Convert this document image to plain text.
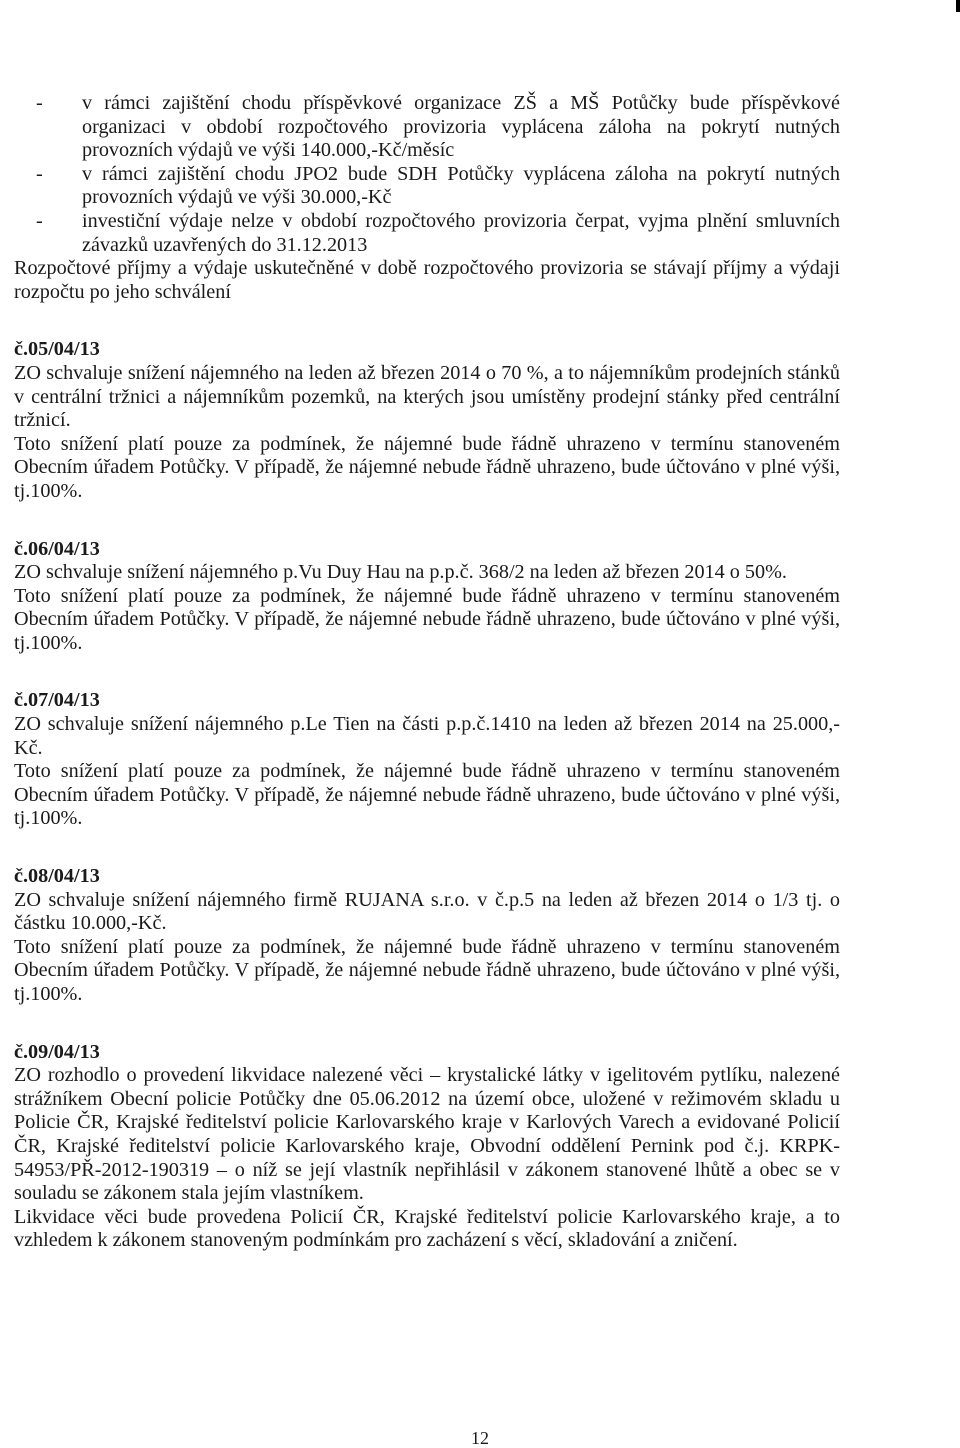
- v rámci zajištění chodu příspěvkové organizace ZŠ a MŠ Potůčky bude příspěvkové organizaci v období rozpočtového provizoria vyplácena záloha na pokrytí nutných provozních výdajů ve výši 140.000,-Kč/měsíc
- v rámci zajištění chodu JPO2 bude SDH Potůčky vyplácena záloha na pokrytí nutných provozních výdajů ve výši 30.000,-Kč
- investiční výdaje nelze v období rozpočtového provizoria čerpat, vyjma plnění smluvních závazků uzavřených do 31.12.2013

Rozpočtové příjmy a výdaje uskutečněné v době rozpočtového provizoria se stávají příjmy a výdaji rozpočtu po jeho schválení

č.05/04/13

ZO schvaluje snížení nájemného na leden až březen 2014 o 70 %, a to nájemníkům prodejních stánků v centrální tržnici a nájemníkům pozemků, na kterých jsou umístěny prodejní stánky před centrální tržnicí.

Toto snížení platí pouze za podmínek, že nájemné bude řádně uhrazeno v termínu stanoveném Obecním úřadem Potůčky. V případě, že nájemné nebude řádně uhrazeno, bude účtováno v plné výši, tj.100%.

č.06/04/13

ZO schvaluje snížení nájemného p.Vu Duy Hau na p.p.č. 368/2 na leden až březen 2014 o 50%.

Toto snížení platí pouze za podmínek, že nájemné bude řádně uhrazeno v termínu stanoveném Obecním úřadem Potůčky. V případě, že nájemné nebude řádně uhrazeno, bude účtováno v plné výši, tj.100%.

č.07/04/13

ZO schvaluje snížení nájemného p.Le Tien na části p.p.č.1410 na leden až březen 2014 na 25.000,-Kč.

Toto snížení platí pouze za podmínek, že nájemné bude řádně uhrazeno v termínu stanoveném Obecním úřadem Potůčky. V případě, že nájemné nebude řádně uhrazeno, bude účtováno v plné výši, tj.100%.

č.08/04/13

ZO schvaluje snížení nájemného firmě RUJANA s.r.o. v č.p.5 na leden až březen 2014 o 1/3 tj. o částku 10.000,-Kč.

Toto snížení platí pouze za podmínek, že nájemné bude řádně uhrazeno v termínu stanoveném Obecním úřadem Potůčky. V případě, že nájemné nebude řádně uhrazeno, bude účtováno v plné výši, tj.100%.

č.09/04/13

ZO rozhodlo o provedení likvidace nalezené věci – krystalické látky v igelitovém pytlíku, nalezené strážníkem Obecní policie Potůčky dne 05.06.2012 na území obce, uložené v režimovém skladu u Policie ČR, Krajské ředitelství policie Karlovarského kraje v Karlových Varech a evidované Policií ČR, Krajské ředitelství policie Karlovarského kraje, Obvodní oddělení Pernink pod č.j. KRPK-54953/PŘ-2012-190319 – o níž se její vlastník nepřihlásil v zákonem stanovené lhůtě a obec se v souladu se zákonem stala jejím vlastníkem.

Likvidace věci bude provedena Policií ČR, Krajské ředitelství policie Karlovarského kraje, a to vzhledem k zákonem stanoveným podmínkám pro zacházení s věcí, skladování a zničení.

12
